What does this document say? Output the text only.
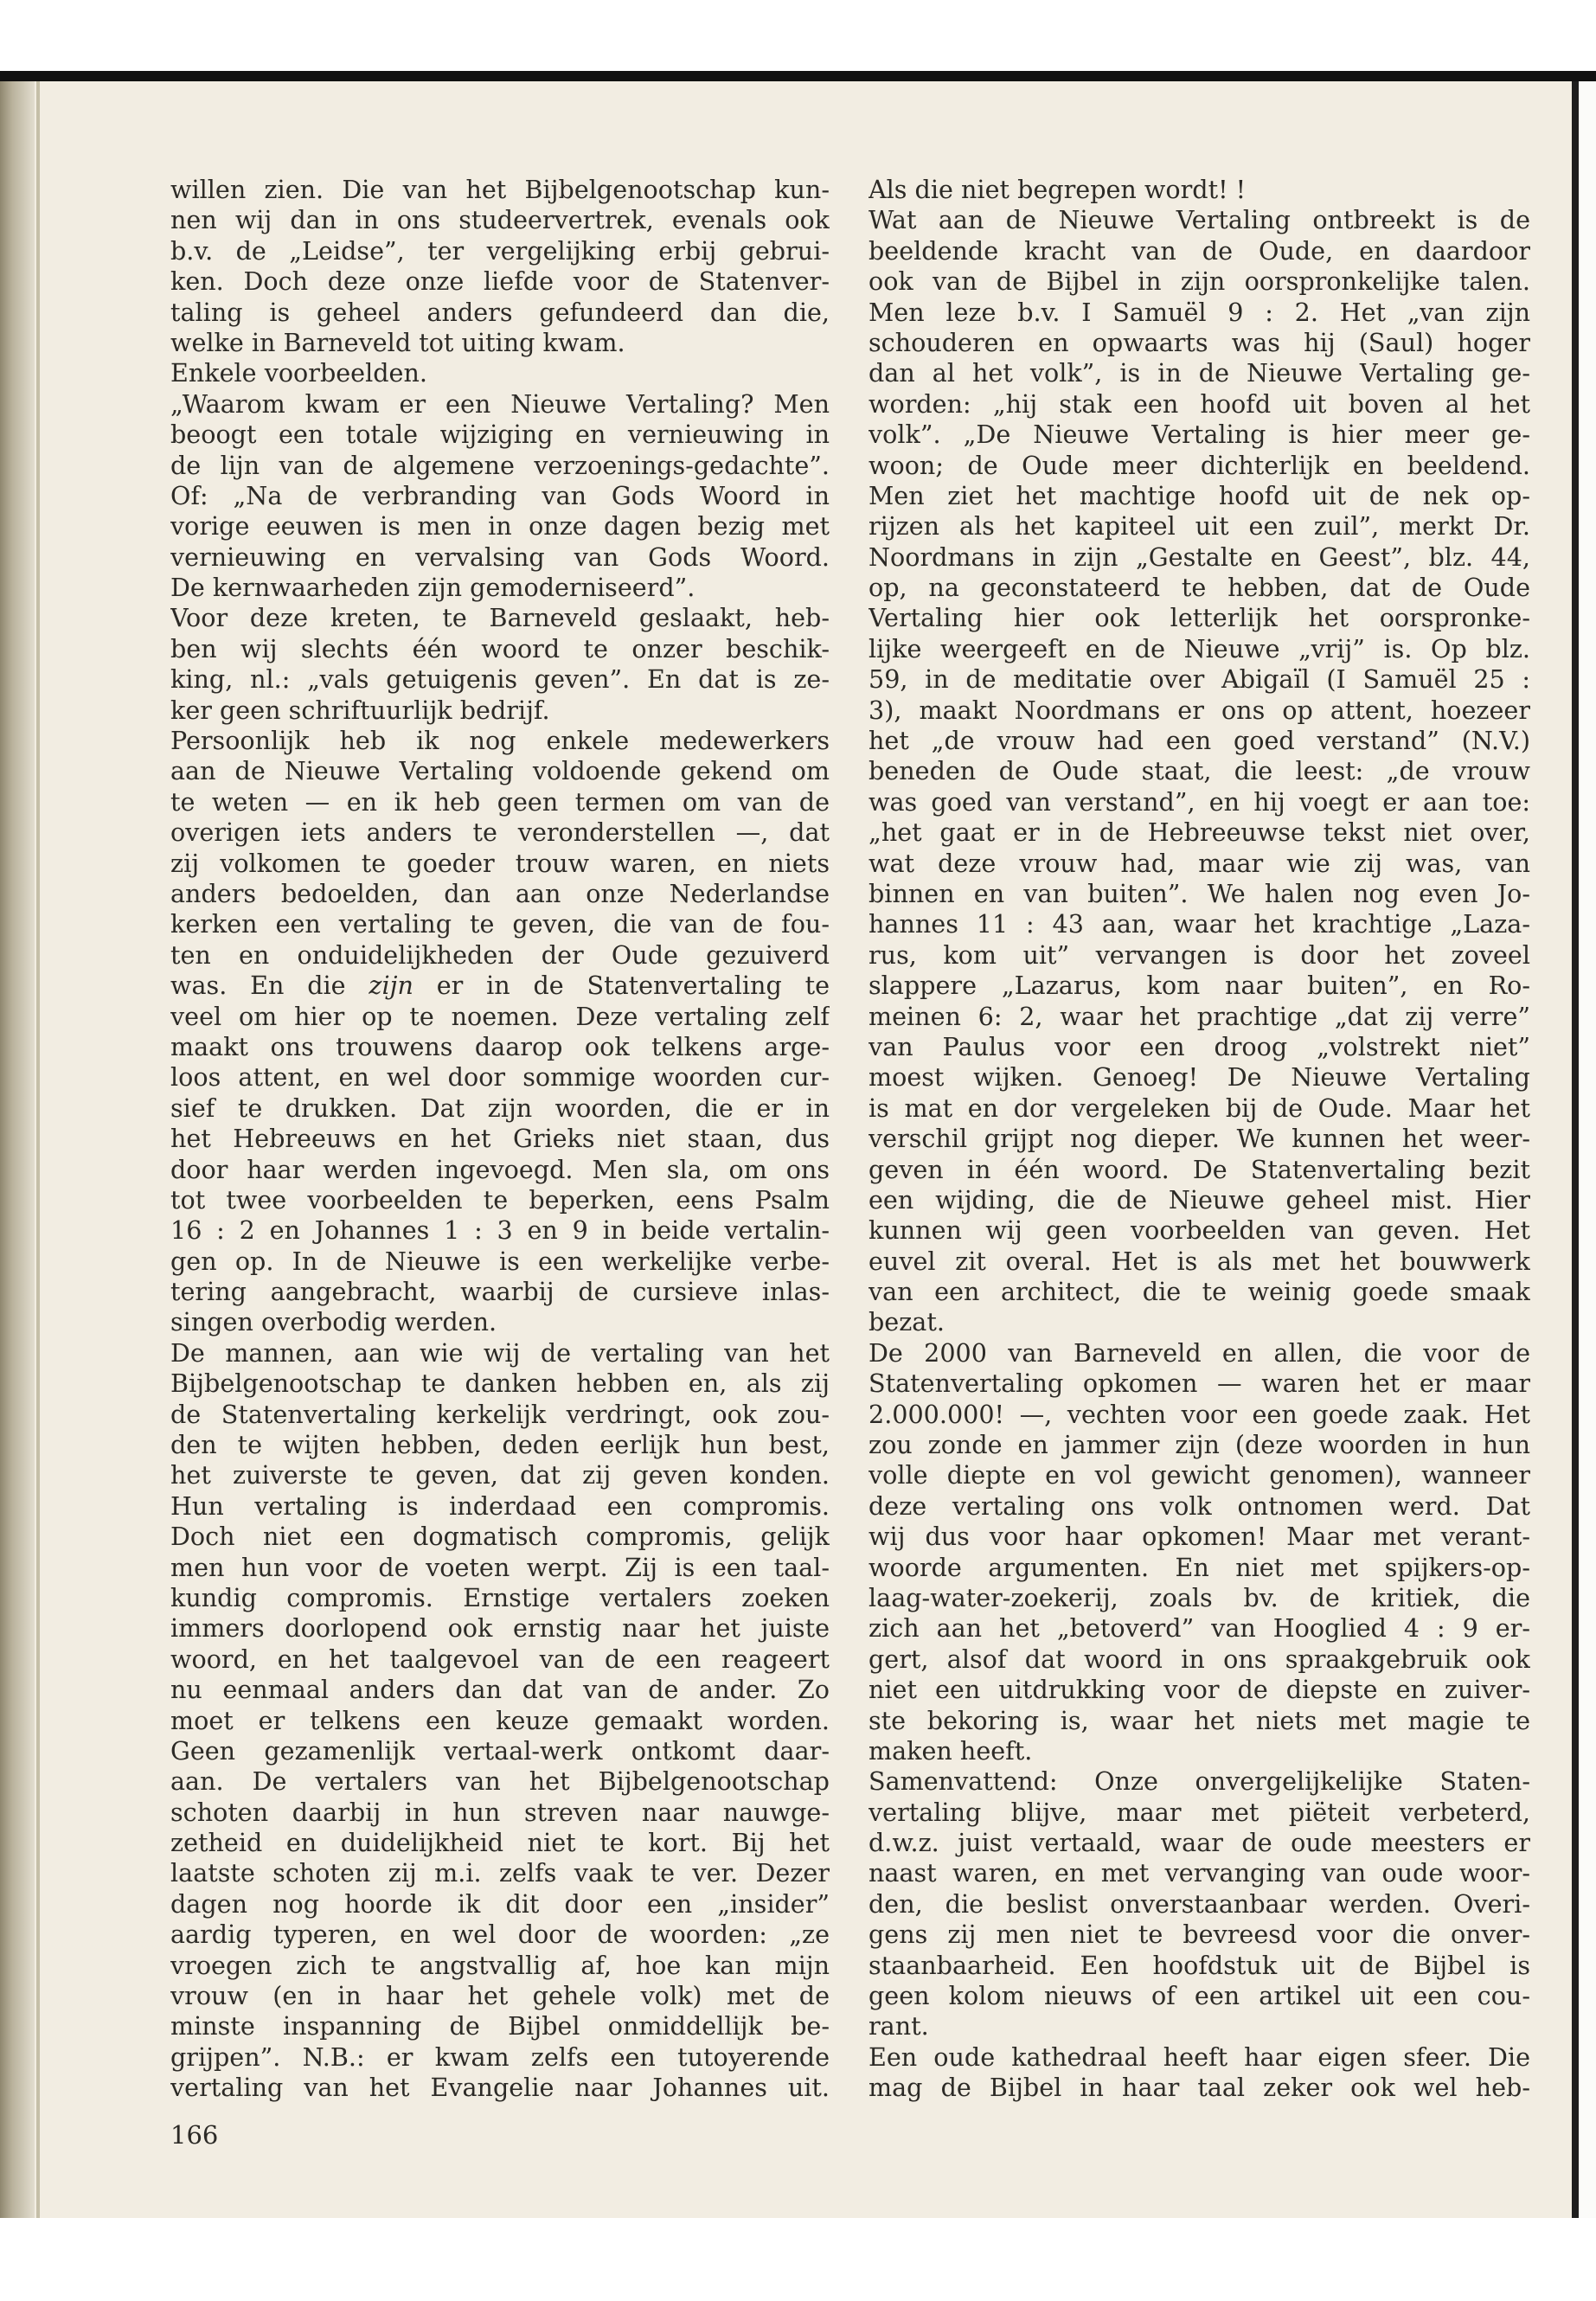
willen zien. Die van het Bijbelgenootschap kun-
nen wij dan in ons studeervertrek, evenals ook
b.v. de „Leidse”, ter vergelijking erbij gebrui-
ken. Doch deze onze liefde voor de Statenver-
taling is geheel anders gefundeerd dan die,
welke in Barneveld tot uiting kwam.
Enkele voorbeelden.
„Waarom kwam er een Nieuwe Vertaling? Men
beoogt een totale wijziging en vernieuwing in
de lijn van de algemene verzoenings-gedachte”.
Of: „Na de verbranding van Gods Woord in
vorige eeuwen is men in onze dagen bezig met
vernieuwing en vervalsing van Gods Woord.
De kernwaarheden zijn gemoderniseerd”.
Voor deze kreten, te Barneveld geslaakt, heb-
ben wij slechts één woord te onzer beschik-
king, nl.: „vals getuigenis geven”. En dat is ze-
ker geen schriftuurlijk bedrijf.
Persoonlijk heb ik nog enkele medewerkers
aan de Nieuwe Vertaling voldoende gekend om
te weten — en ik heb geen termen om van de
overigen iets anders te veronderstellen —, dat
zij volkomen te goeder trouw waren, en niets
anders bedoelden, dan aan onze Nederlandse
kerken een vertaling te geven, die van de fou-
ten en onduidelijkheden der Oude gezuiverd
was. En die zijn er in de Statenvertaling te
veel om hier op te noemen. Deze vertaling zelf
maakt ons trouwens daarop ook telkens arge-
loos attent, en wel door sommige woorden cur-
sief te drukken. Dat zijn woorden, die er in
het Hebreeuws en het Grieks niet staan, dus
door haar werden ingevoegd. Men sla, om ons
tot twee voorbeelden te beperken, eens Psalm
16 : 2 en Johannes 1 : 3 en 9 in beide vertalin-
gen op. In de Nieuwe is een werkelijke verbe-
tering aangebracht, waarbij de cursieve inlas-
singen overbodig werden.
De mannen, aan wie wij de vertaling van het
Bijbelgenootschap te danken hebben en, als zij
de Statenvertaling kerkelijk verdringt, ook zou-
den te wijten hebben, deden eerlijk hun best,
het zuiverste te geven, dat zij geven konden.
Hun vertaling is inderdaad een compromis.
Doch niet een dogmatisch compromis, gelijk
men hun voor de voeten werpt. Zij is een taal-
kundig compromis. Ernstige vertalers zoeken
immers doorlopend ook ernstig naar het juiste
woord, en het taalgevoel van de een reageert
nu eenmaal anders dan dat van de ander. Zo
moet er telkens een keuze gemaakt worden.
Geen gezamenlijk vertaal-werk ontkomt daar-
aan. De vertalers van het Bijbelgenootschap
schoten daarbij in hun streven naar nauwge-
zetheid en duidelijkheid niet te kort. Bij het
laatste schoten zij m.i. zelfs vaak te ver. Dezer
dagen nog hoorde ik dit door een „insider”
aardig typeren, en wel door de woorden: „ze
vroegen zich te angstvallig af, hoe kan mijn
vrouw (en in haar het gehele volk) met de
minste inspanning de Bijbel onmiddellijk be-
grijpen”. N.B.: er kwam zelfs een tutoyerende
vertaling van het Evangelie naar Johannes uit.
Als die niet begrepen wordt! !
Wat aan de Nieuwe Vertaling ontbreekt is de
beeldende kracht van de Oude, en daardoor
ook van de Bijbel in zijn oorspronkelijke talen.
Men leze b.v. I Samuël 9 : 2. Het „van zijn
schouderen en opwaarts was hij (Saul) hoger
dan al het volk”, is in de Nieuwe Vertaling ge-
worden: „hij stak een hoofd uit boven al het
volk”. „De Nieuwe Vertaling is hier meer ge-
woon; de Oude meer dichterlijk en beeldend.
Men ziet het machtige hoofd uit de nek op-
rijzen als het kapiteel uit een zuil”, merkt Dr.
Noordmans in zijn „Gestalte en Geest”, blz. 44,
op, na geconstateerd te hebben, dat de Oude
Vertaling hier ook letterlijk het oorspronke-
lijke weergeeft en de Nieuwe „vrij” is. Op blz.
59, in de meditatie over Abigaïl (I Samuël 25 :
3), maakt Noordmans er ons op attent, hoezeer
het „de vrouw had een goed verstand” (N.V.)
beneden de Oude staat, die leest: „de vrouw
was goed van verstand”, en hij voegt er aan toe:
„het gaat er in de Hebreeuwse tekst niet over,
wat deze vrouw had, maar wie zij was, van
binnen en van buiten”. We halen nog even Jo-
hannes 11 : 43 aan, waar het krachtige „Laza-
rus, kom uit” vervangen is door het zoveel
slappere „Lazarus, kom naar buiten”, en Ro-
meinen 6: 2, waar het prachtige „dat zij verre”
van Paulus voor een droog „volstrekt niet”
moest wijken. Genoeg! De Nieuwe Vertaling
is mat en dor vergeleken bij de Oude. Maar het
verschil grijpt nog dieper. We kunnen het weer-
geven in één woord. De Statenvertaling bezit
een wijding, die de Nieuwe geheel mist. Hier
kunnen wij geen voorbeelden van geven. Het
euvel zit overal. Het is als met het bouwwerk
van een architect, die te weinig goede smaak
bezat.
De 2000 van Barneveld en allen, die voor de
Statenvertaling opkomen — waren het er maar
2.000.000! —, vechten voor een goede zaak. Het
zou zonde en jammer zijn (deze woorden in hun
volle diepte en vol gewicht genomen), wanneer
deze vertaling ons volk ontnomen werd. Dat
wij dus voor haar opkomen! Maar met verant-
woorde argumenten. En niet met spijkers-op-
laag-water-zoekerij, zoals bv. de kritiek, die
zich aan het „betoverd” van Hooglied 4 : 9 er-
gert, alsof dat woord in ons spraakgebruik ook
niet een uitdrukking voor de diepste en zuiver-
ste bekoring is, waar het niets met magie te
maken heeft.
Samenvattend: Onze onvergelijkelijke Staten-
vertaling blijve, maar met piëteit verbeterd,
d.w.z. juist vertaald, waar de oude meesters er
naast waren, en met vervanging van oude woor-
den, die beslist onverstaanbaar werden. Overi-
gens zij men niet te bevreesd voor die onver-
staanbaarheid. Een hoofdstuk uit de Bijbel is
geen kolom nieuws of een artikel uit een cou-
rant.
Een oude kathedraal heeft haar eigen sfeer. Die
mag de Bijbel in haar taal zeker ook wel heb-
166
